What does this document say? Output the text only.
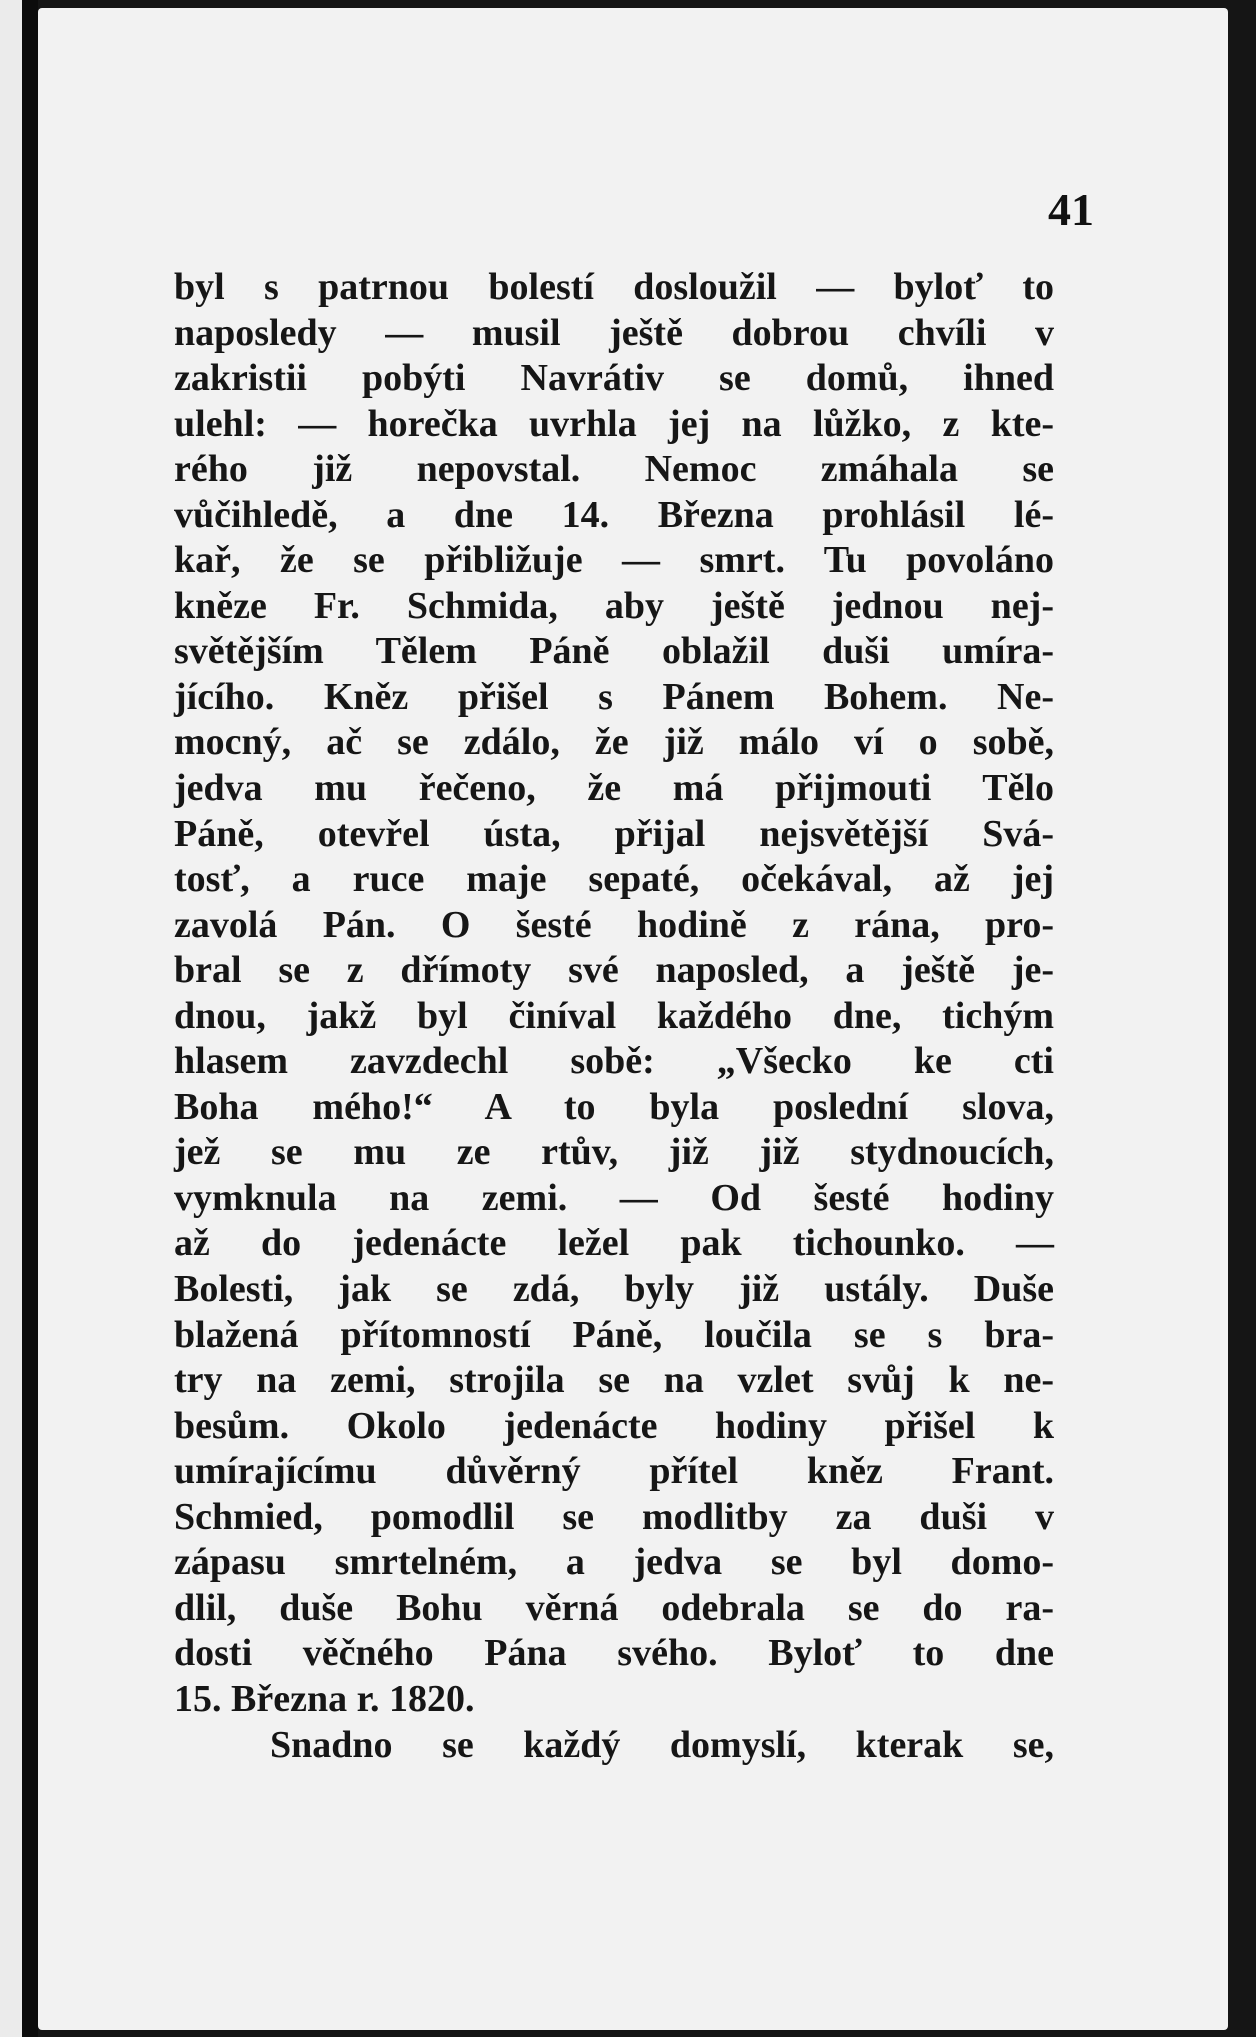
41

byl s patrnou bolestí dosloužil — byloť to
naposledy — musil ještě dobrou chvíli v
zakristii pobýti Navrátiv se domů, ihned
ulehl: — horečka uvrhla jej na lůžko, z kte-
rého již nepovstal. Nemoc zmáhala se
vůčihledě, a dne 14. Března prohlásil lé-
kař, že se přibližuje — smrt. Tu povoláno
kněze Fr. Schmida, aby ještě jednou nej-
světějším Tělem Páně oblažil duši umíra-
jícího. Kněz přišel s Pánem Bohem. Ne-
mocný, ač se zdálo, že již málo ví o sobě,
jedva mu řečeno, že má přijmouti Tělo
Páně, otevřel ústa, přijal nejsvětější Svá-
tosť, a ruce maje sepaté, očekával, až jej
zavolá Pán. O šesté hodině z rána, pro-
bral se z dřímoty své naposled, a ještě je-
dnou, jakž byl činíval každého dne, tichým
hlasem zavzdechl sobě: „Všecko ke cti
Boha mého!“ A to byla poslední slova,
jež se mu ze rtův, již již stydnoucích,
vymknula na zemi. — Od šesté hodiny
až do jedenácte ležel pak tichounko. —
Bolesti, jak se zdá, byly již ustály. Duše
blažená přítomností Páně, loučila se s bra-
try na zemi, strojila se na vzlet svůj k ne-
besům. Okolo jedenácte hodiny přišel k
umírajícímu důvěrný přítel kněz Frant.
Schmied, pomodlil se modlitby za duši v
zápasu smrtelném, a jedva se byl domo-
dlil, duše Bohu věrná odebrala se do ra-
dosti věčného Pána svého. Byloť to dne
15. Března r. 1820.
Snadno se každý domyslí, kterak se,
